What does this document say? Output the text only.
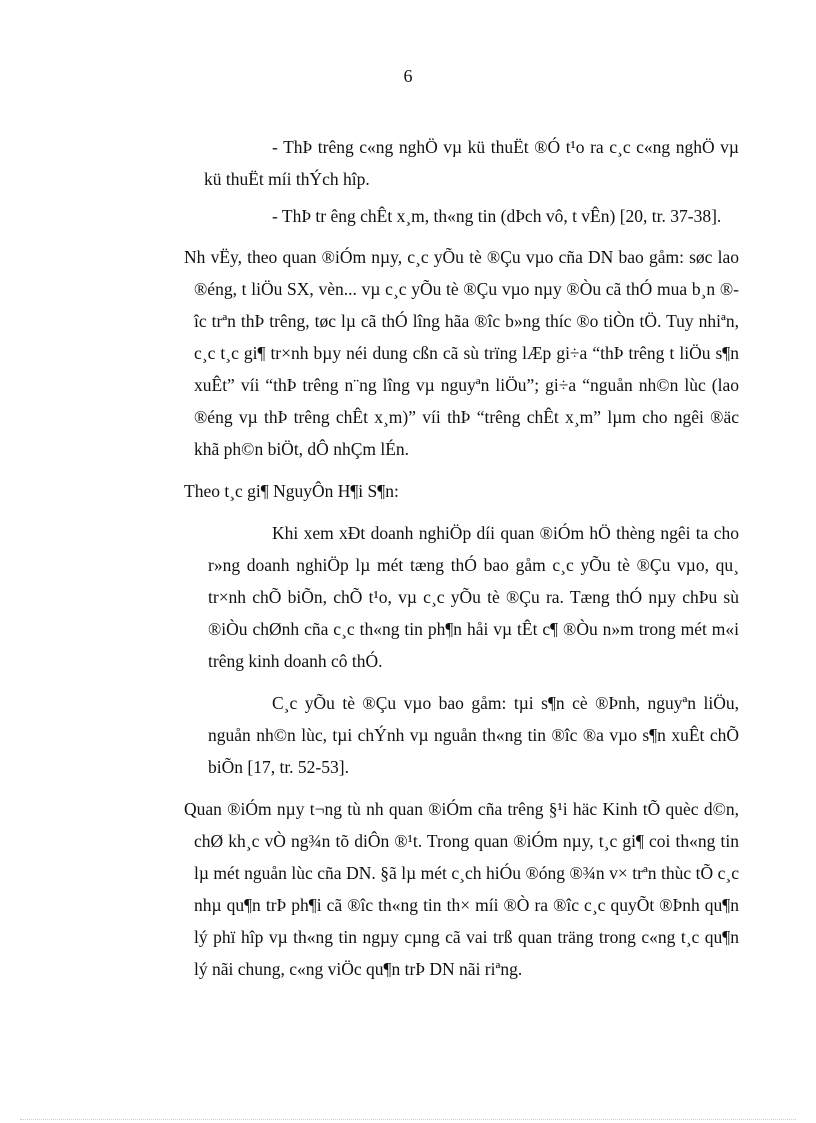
6

- ThÞ trêng c«ng nghÖ vµ kü thuËt ®Ó t¹o ra c¸c c«ng nghÖ vµ kü thuËt míi thÝch hîp.

- ThÞ tr êng chÊt x¸m, th«ng tin (dÞch vô, t vÊn) [20, tr. 37-38].

Nh vËy, theo quan ®iÓm nµy, c¸c yÕu tè ®Çu vµo cña DN bao gåm: søc lao ®éng, t liÖu SX, vèn... vµ c¸c yÕu tè ®Çu vµo nµy ®Òu cã thÓ mua b¸n ®îc trªn thÞ trêng, tøc lµ cã thÓ lîng hãa ®îc b»ng thíc ®o tiÒn tÖ. Tuy nhiªn, c¸c t¸c gi¶ tr×nh bµy néi dung cßn cã sù trïng lÆp gi÷a “thÞ trêng t liÖu s¶n xuÊt” víi “thÞ trêng n¨ng lîng vµ nguyªn liÖu”; gi÷a “nguån nh©n lùc (lao ®éng vµ thÞ trêng chÊt x¸m)” víi thÞ “trêng chÊt x¸m” lµm cho ngêi ®äc khã ph©n biÖt, dÔ nhÇm lÉn.

Theo t¸c gi¶ NguyÔn H¶i S¶n:

Khi xem xÐt doanh nghiÖp díi quan ®iÓm hÖ thèng ngêi ta cho r»ng doanh nghiÖp lµ mét tæng thÓ bao gåm c¸c yÕu tè ®Çu vµo, qu¸ tr×nh chÕ biÕn, chÕ t¹o, vµ c¸c yÕu tè ®Çu ra. Tæng thÓ nµy chÞu sù ®iÒu chØnh cña c¸c th«ng tin ph¶n håi vµ tÊt c¶ ®Òu n»m trong mét m«i trêng kinh doanh cô thÓ.

C¸c yÕu tè ®Çu vµo bao gåm: tµi s¶n cè ®Þnh, nguyªn liÖu, nguån nh©n lùc, tµi chÝnh vµ nguån th«ng tin ®îc ®a vµo s¶n xuÊt chÕ biÕn [17, tr. 52-53].

Quan ®iÓm nµy t¬ng tù nh quan ®iÓm cña trêng §¹i häc Kinh tÕ quèc d©n, chØ kh¸c vÒ ng¾n tõ diÔn ®¹t. Trong quan ®iÓm nµy, t¸c gi¶ coi th«ng tin lµ mét nguån lùc cña DN. §ã lµ mét c¸ch hiÓu ®óng ®¾n v× trªn thùc tÕ c¸c nhµ qu¶n trÞ ph¶i cã ®îc th«ng tin th× míi ®Ò ra ®îc c¸c quyÕt ®Þnh qu¶n lý phï hîp vµ th«ng tin ngµy cµng cã vai trß quan träng trong c«ng t¸c qu¶n lý nãi chung, c«ng viÖc qu¶n trÞ DN nãi riªng.
